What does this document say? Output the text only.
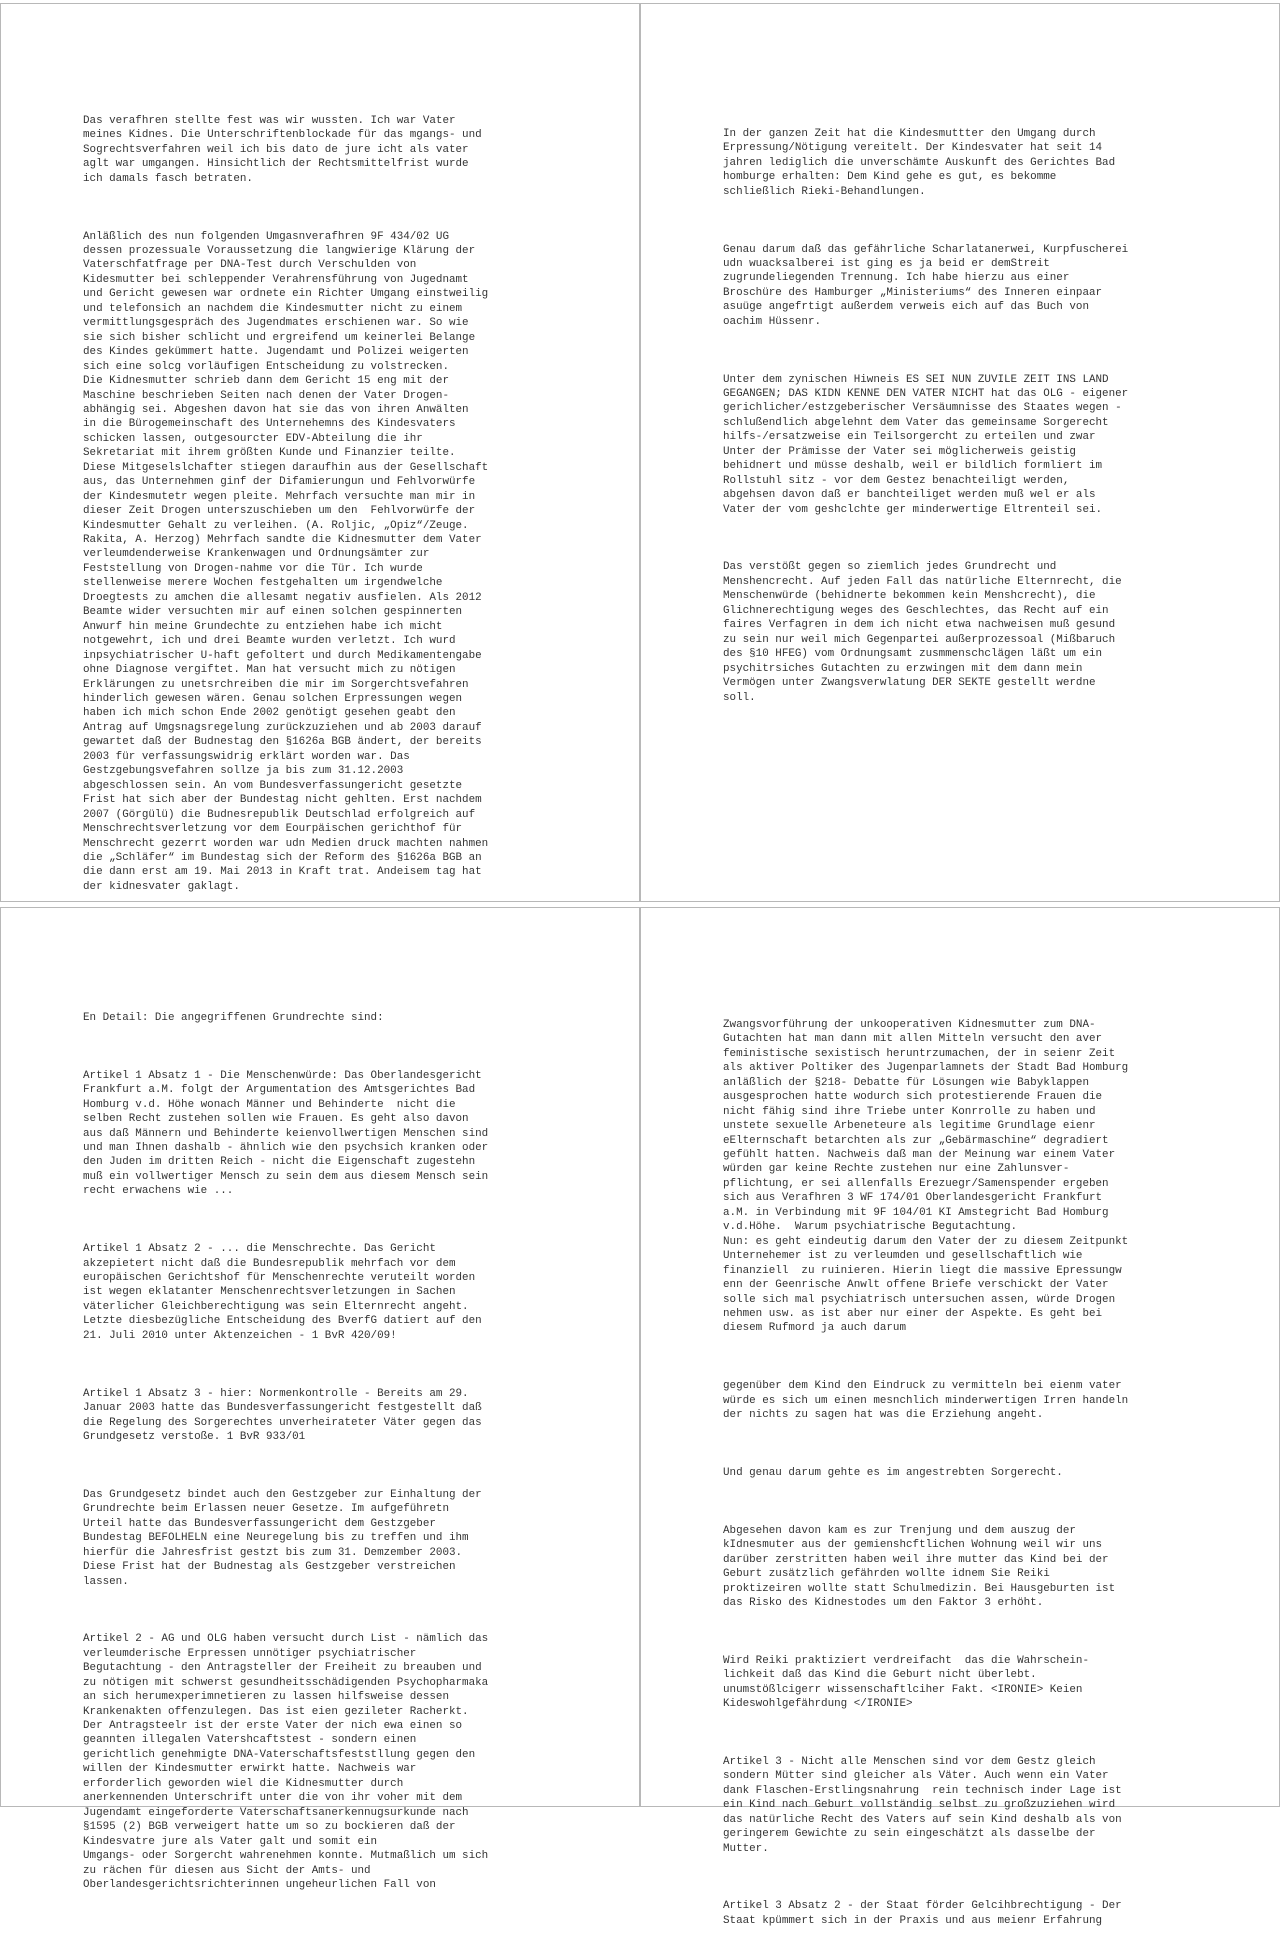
Das verafhren stellte fest was wir wussten. Ich war Vater
meines Kidnes. Die Unterschriftenblockade für das mgangs- und
Sogrechtsverfahren weil ich bis dato de jure icht als vater
aglt war umgangen. Hinsichtlich der Rechtsmittelfrist wurde
ich damals fasch betraten.

Anläßlich des nun folgenden Umgasnverafhren 9F 434/02 UG
dessen prozessuale Voraussetzung die langwierige Klärung der
Vaterschfatfrage per DNA-Test durch Verschulden von
Kidesmutter bei schleppender Verahrensführung von Jugednamt
und Gericht gewesen war ordnete ein Richter Umgang einstweilig
und telefonsich an nachdem die Kindesmutter nicht zu einem
vermittlungsgespräch des Jugendmates erschienen war. So wie
sie sich bisher schlicht und ergreifend um keinerlei Belange
des Kindes gekümmert hatte. Jugendamt und Polizei weigerten
sich eine solcg vorläufigen Entscheidung zu volstrecken.
Die Kidnesmutter schrieb dann dem Gericht 15 eng mit der
Maschine beschrieben Seiten nach denen der Vater Drogen-
abhängig sei. Abgeshen davon hat sie das von ihren Anwälten
in die Bürogemeinschaft des Unternehemns des Kindesvaters
schicken lassen, outgesourcter EDV-Abteilung die ihr
Sekretariat mit ihrem größten Kunde und Finanzier teilte.
Diese Mitgeselslchafter stiegen daraufhin aus der Gesellschaft
aus, das Unternehmen ginf der Difamierungun und Fehlvorwürfe
der Kindesmutetr wegen pleite. Mehrfach versuchte man mir in
dieser Zeit Drogen unterszuschieben um den  Fehlvorwürfe der
Kindesmutter Gehalt zu verleihen. (A. Roljic, „Opiz“/Zeuge.
Rakita, A. Herzog) Mehrfach sandte die Kidnesmutter dem Vater
verleumdenderweise Krankenwagen und Ordnungsämter zur
Feststellung von Drogen-nahme vor die Tür. Ich wurde
stellenweise merere Wochen festgehalten um irgendwelche
Droegtests zu amchen die allesamt negativ ausfielen. Als 2012
Beamte wider versuchten mir auf einen solchen gespinnerten
Anwurf hin meine Grundechte zu entziehen habe ich micht
notgewehrt, ich und drei Beamte wurden verletzt. Ich wurd
inpsychiatrischer U-haft gefoltert und durch Medikamentengabe
ohne Diagnose vergiftet. Man hat versucht mich zu nötigen
Erklärungen zu unetsrchreiben die mir im Sorgerchtsvefahren
hinderlich gewesen wären. Genau solchen Erpressungen wegen
haben ich mich schon Ende 2002 genötigt gesehen geabt den
Antrag auf Umgsnagsregelung zurückzuziehen und ab 2003 darauf
gewartet daß der Budnestag den §1626a BGB ändert, der bereits
2003 für verfassungswidrig erklärt worden war. Das
Gestzgebungsvefahren sollze ja bis zum 31.12.2003
abgeschlossen sein. An vom Bundesverfassungericht gesetzte
Frist hat sich aber der Bundestag nicht gehlten. Erst nachdem
2007 (Görgülü) die Budnesrepublik Deutschlad erfolgreich auf
Menschrechtsverletzung vor dem Eourpäischen gerichthof für
Menschrecht gezerrt worden war udn Medien druck machten nahmen
die „Schläfer“ im Bundestag sich der Reform des §1626a BGB an
die dann erst am 19. Mai 2013 in Kraft trat. Andeisem tag hat
der kidnesvater gaklagt.

In der ganzen Zeit hat die Kindesmuttter den Umgang durch
Erpressung/Nötigung vereitelt. Der Kindesvater hat seit 14
jahren lediglich die unverschämte Auskunft des Gerichtes Bad
homburge erhalten: Dem Kind gehe es gut, es bekomme
schließlich Rieki-Behandlungen.

Genau darum daß das gefährliche Scharlatanerwei, Kurpfuscherei
udn wuacksalberei ist ging es ja beid er demStreit
zugrundeliegenden Trennung. Ich habe hierzu aus einer
Broschüre des Hamburger „Ministeriums“ des Inneren einpaar
asuüge angefrtigt außerdem verweis eich auf das Buch von
oachim Hüssenr.

Unter dem zynischen Hiwneis ES SEI NUN ZUVILE ZEIT INS LAND
GEGANGEN; DAS KIDN KENNE DEN VATER NICHT hat das OLG - eigener
gerichlicher/estzgeberischer Versäumnisse des Staates wegen -
schlußendlich abgelehnt dem Vater das gemeinsame Sorgerecht
hilfs-/ersatzweise ein Teilsorgercht zu erteilen und zwar
Unter der Prämisse der Vater sei möglicherweis geistig
behidnert und müsse deshalb, weil er bildlich formliert im
Rollstuhl sitz - vor dem Gestez benachteiligt werden,
abgehsen davon daß er banchteiliget werden muß wel er als
Vater der vom geshclchte ger minderwertige Eltrenteil sei.

Das verstößt gegen so ziemlich jedes Grundrecht und
Menshencrecht. Auf jeden Fall das natürliche Elternrecht, die
Menschenwürde (behidnerte bekommen kein Menshcrecht), die
Glichnerechtigung weges des Geschlechtes, das Recht auf ein
faires Verfagren in dem ich nicht etwa nachweisen muß gesund
zu sein nur weil mich Gegenpartei außerprozessoal (Mißbaruch
des §10 HFEG) vom Ordnungsamt zusmmenschclägen läßt um ein
psychitrsiches Gutachten zu erzwingen mit dem dann mein
Vermögen unter Zwangsverwlatung DER SEKTE gestellt werdne
soll.

En Detail: Die angegriffenen Grundrechte sind:

Artikel 1 Absatz 1 - Die Menschenwürde: Das Oberlandesgericht
Frankfurt a.M. folgt der Argumentation des Amtsgerichtes Bad
Homburg v.d. Höhe wonach Männer und Behinderte  nicht die
selben Recht zustehen sollen wie Frauen. Es geht also davon
aus daß Männern und Behinderte keienvollwertigen Menschen sind
und man Ihnen dashalb - ähnlich wie den psychsich kranken oder
den Juden im dritten Reich - nicht die Eigenschaft zugestehn
muß ein vollwertiger Mensch zu sein dem aus diesem Mensch sein
recht erwachens wie ...

Artikel 1 Absatz 2 - ... die Menschrechte. Das Gericht
akzepietert nicht daß die Bundesrepublik mehrfach vor dem
europäischen Gerichtshof für Menschenrechte veruteilt worden
ist wegen eklatanter Menschenrechtsverletzungen in Sachen
väterlicher Gleichberechtigung was sein Elternrecht angeht.
Letzte diesbezügliche Entscheidung des BverfG datiert auf den
21. Juli 2010 unter Aktenzeichen - 1 BvR 420/09!

Artikel 1 Absatz 3 - hier: Normenkontrolle - Bereits am 29.
Januar 2003 hatte das Bundesverfassungericht festgestellt daß
die Regelung des Sorgerechtes unverheirateter Väter gegen das
Grundgesetz verstoße. 1 BvR 933/01

Das Grundgesetz bindet auch den Gestzgeber zur Einhaltung der
Grundrechte beim Erlassen neuer Gesetze. Im aufgeführetn
Urteil hatte das Bundesverfassungericht dem Gestzgeber
Bundestag BEFOLHELN eine Neuregelung bis zu treffen und ihm
hierfür die Jahresfrist gestzt bis zum 31. Demzember 2003.
Diese Frist hat der Budnestag als Gestzgeber verstreichen
lassen.

Artikel 2 - AG und OLG haben versucht durch List - nämlich das
verleumderische Erpressen unnötiger psychiatrischer
Begutachtung - den Antragsteller der Freiheit zu breauben und
zu nötigen mit schwerst gesundheitsschädigenden Psychopharmaka
an sich herumexperimnetieren zu lassen hilfsweise dessen
Krankenakten offenzulegen. Das ist eien gezileter Racherkt.
Der Antragsteelr ist der erste Vater der nich ewa einen so
geannten illegalen Vatershcaftstest - sondern einen
gerichtlich genehmigte DNA-Vaterschaftsfeststllung gegen den
willen der Kindesmutter erwirkt hatte. Nachweis war
erforderlich geworden wiel die Kidnesmutter durch
anerkennenden Unterschrift unter die von ihr voher mit dem
Jugendamt eingeforderte Vaterschaftsanerkennugsurkunde nach
§1595 (2) BGB verweigert hatte um so zu bockieren daß der
Kindesvatre jure als Vater galt und somit ein
Umgangs- oder Sorgercht wahrenehmen konnte. Mutmaßlich um sich
zu rächen für diesen aus Sicht der Amts- und
Oberlandesgerichtsrichterinnen ungeheurlichen Fall von

Zwangsvorführung der unkooperativen Kidnesmutter zum DNA-
Gutachten hat man dann mit allen Mitteln versucht den aver
feministische sexistisch heruntrzumachen, der in seienr Zeit
als aktiver Poltiker des Jugenparlamnets der Stadt Bad Homburg
anläßlich der §218- Debatte für Lösungen wie Babyklappen
ausgesprochen hatte wodurch sich protestierende Frauen die
nicht fähig sind ihre Triebe unter Konrrolle zu haben und
unstete sexuelle Arbeneteure als legitime Grundlage eienr
eElternschaft betarchten als zur „Gebärmaschine“ degradiert
gefühlt hatten. Nachweis daß man der Meinung war einem Vater
würden gar keine Rechte zustehen nur eine Zahlunsver-
pflichtung, er sei allenfalls Erezuegr/Samenspender ergeben
sich aus Verafhren 3 WF 174/01 Oberlandesgericht Frankfurt
a.M. in Verbindung mit 9F 104/01 KI Amstegricht Bad Homburg
v.d.Höhe.  Warum psychiatrische Begutachtung.
Nun: es geht eindeutig darum den Vater der zu diesem Zeitpunkt
Unternehemer ist zu verleumden und gesellschaftlich wie
finanziell  zu ruinieren. Hierin liegt die massive Epressungw
enn der Geenrische Anwlt offene Briefe verschickt der Vater
solle sich mal psychiatrisch untersuchen assen, würde Drogen
nehmen usw. as ist aber nur einer der Aspekte. Es geht bei
diesem Rufmord ja auch darum

gegenüber dem Kind den Eindruck zu vermitteln bei eienm vater
würde es sich um einen mesnchlich minderwertigen Irren handeln
der nichts zu sagen hat was die Erziehung angeht.

Und genau darum gehte es im angestrebten Sorgerecht.

Abgesehen davon kam es zur Trenjung und dem auszug der
kIdnesmuter aus der gemienshcftlichen Wohnung weil wir uns
darüber zerstritten haben weil ihre mutter das Kind bei der
Geburt zusätzlich gefährden wollte idnem Sie Reiki
proktizeiren wollte statt Schulmedizin. Bei Hausgeburten ist
das Risko des Kidnestodes um den Faktor 3 erhöht.

Wird Reiki praktiziert verdreifacht  das die Wahrschein-
lichkeit daß das Kind die Geburt nicht überlebt.
unumstößlcigerr wissenschaftlciher Fakt. <IRONIE> Keien
Kideswohlgefährdung </IRONIE>

Artikel 3 - Nicht alle Menschen sind vor dem Gestz gleich
sondern Mütter sind gleicher als Väter. Auch wenn ein Vater
dank Flaschen-Erstlingsnahrung  rein technisch inder Lage ist
ein Kind nach Geburt vollständig selbst zu großzuziehen wird
das natürliche Recht des Vaters auf sein Kind deshalb als von
geringerem Gewichte zu sein eingeschätzt als dasselbe der
Mutter.

Artikel 3 Absatz 2 - der Staat förder Gelcihbrechtigung - Der
Staat kpümmert sich in der Praxis und aus meienr Erfahrung
